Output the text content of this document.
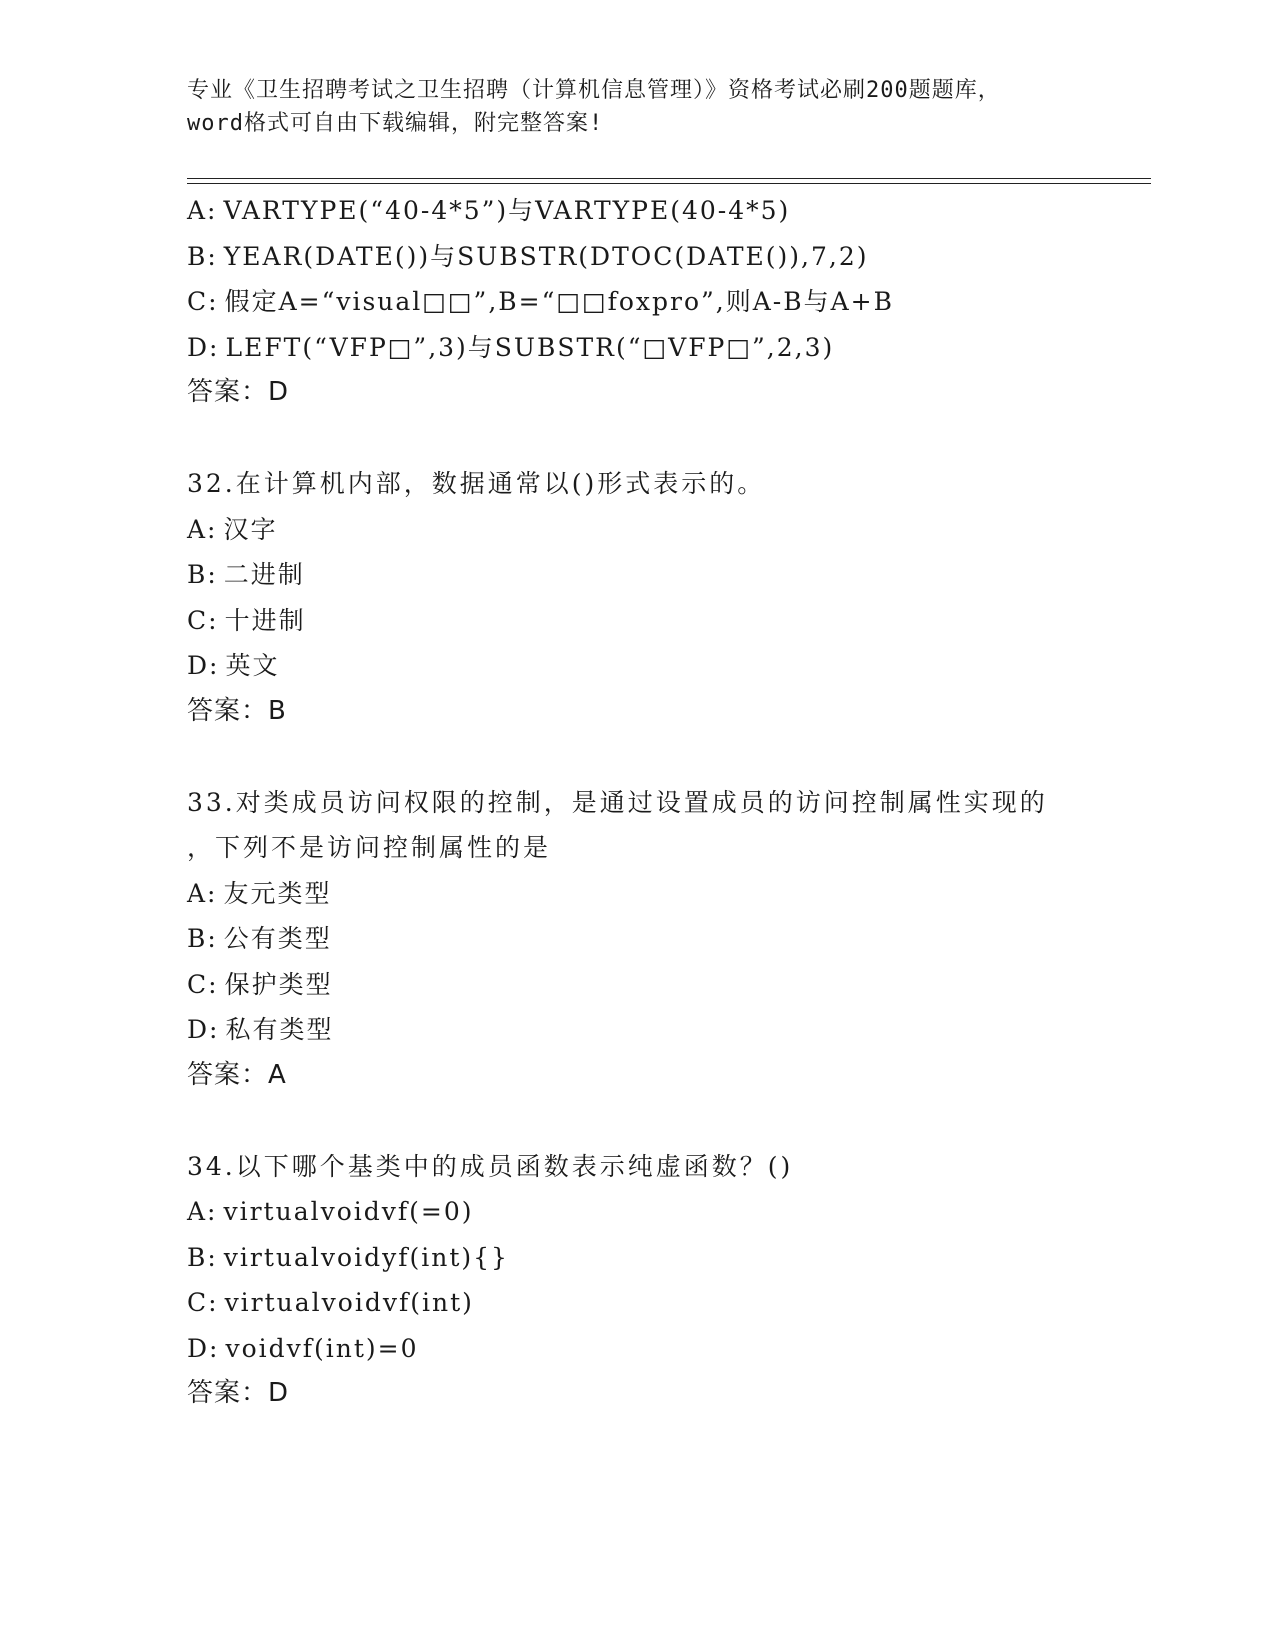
专业《卫生招聘考试之卫生招聘（计算机信息管理）》资格考试必刷200题题库，
word格式可自由下载编辑，附完整答案!
A: VARTYPE(“40-4*5”)与VARTYPE(40-4*5)
B: YEAR(DATE())与SUBSTR(DTOC(DATE()),7,2)
C: 假定A=“visual□□”,B=“□□foxpro”,则A-B与A+B
D: LEFT(“VFP□”,3)与SUBSTR(“□VFP□”,2,3)
答案：D
32.在计算机内部，数据通常以()形式表示的。
A: 汉字
B: 二进制
C: 十进制
D: 英文
答案：B
33.对类成员访问权限的控制，是通过设置成员的访问控制属性实现的
，下列不是访问控制属性的是
A: 友元类型
B: 公有类型
C: 保护类型
D: 私有类型
答案：A
34.以下哪个基类中的成员函数表示纯虚函数？()
A: virtualvoidvf(=0)
B: virtualvoidyf(int){}
C: virtualvoidvf(int)
D: voidvf(int)=0
答案：D
